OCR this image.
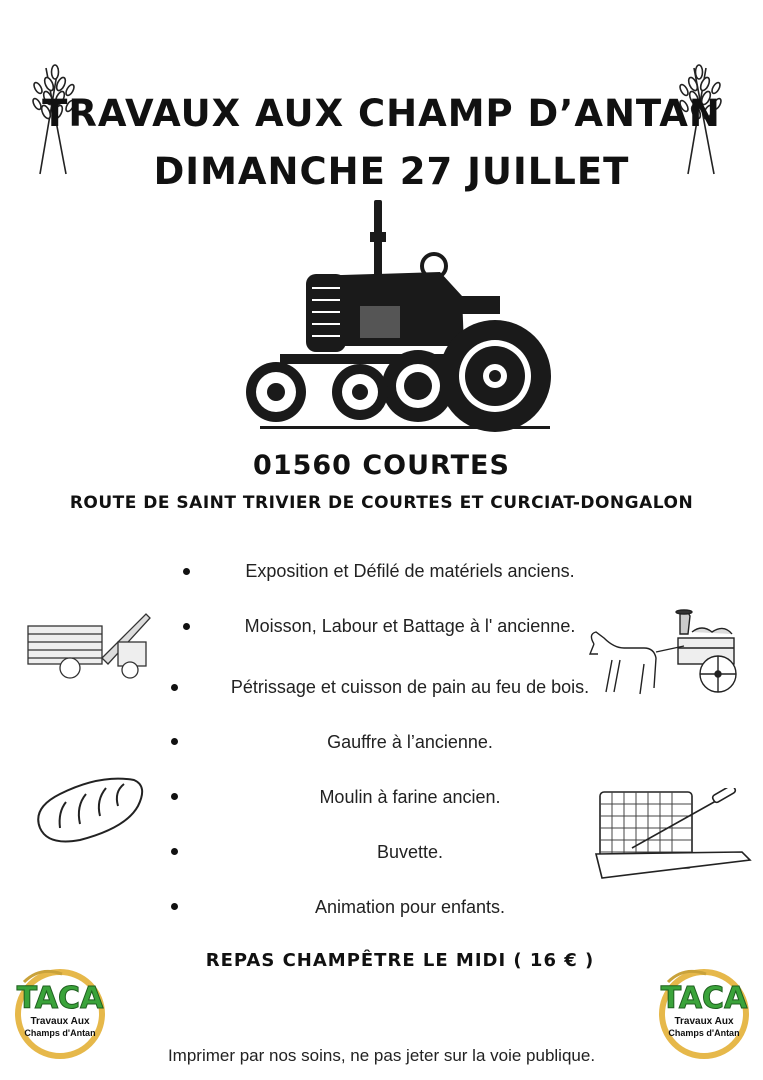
TRAVAUX AUX CHAMP D’ANTAN
DIMANCHE 27 JUILLET
01560 COURTES
ROUTE DE SAINT TRIVIER DE COURTES ET CURCIAT-DONGALON
Exposition et Défilé de matériels anciens.
Moisson, Labour et Battage à l' ancienne.
Pétrissage et cuisson de pain au feu de bois.
Gauffre à l’ancienne.
Moulin à farine ancien.
Buvette.
Animation pour enfants.
REPAS CHAMPÊTRE LE MIDI ( 16 € )
TACA
Travaux Aux
Champs d'Antan
TACA
Travaux Aux
Champs d'Antan
Imprimer par nos soins, ne pas jeter sur la voie publique.
